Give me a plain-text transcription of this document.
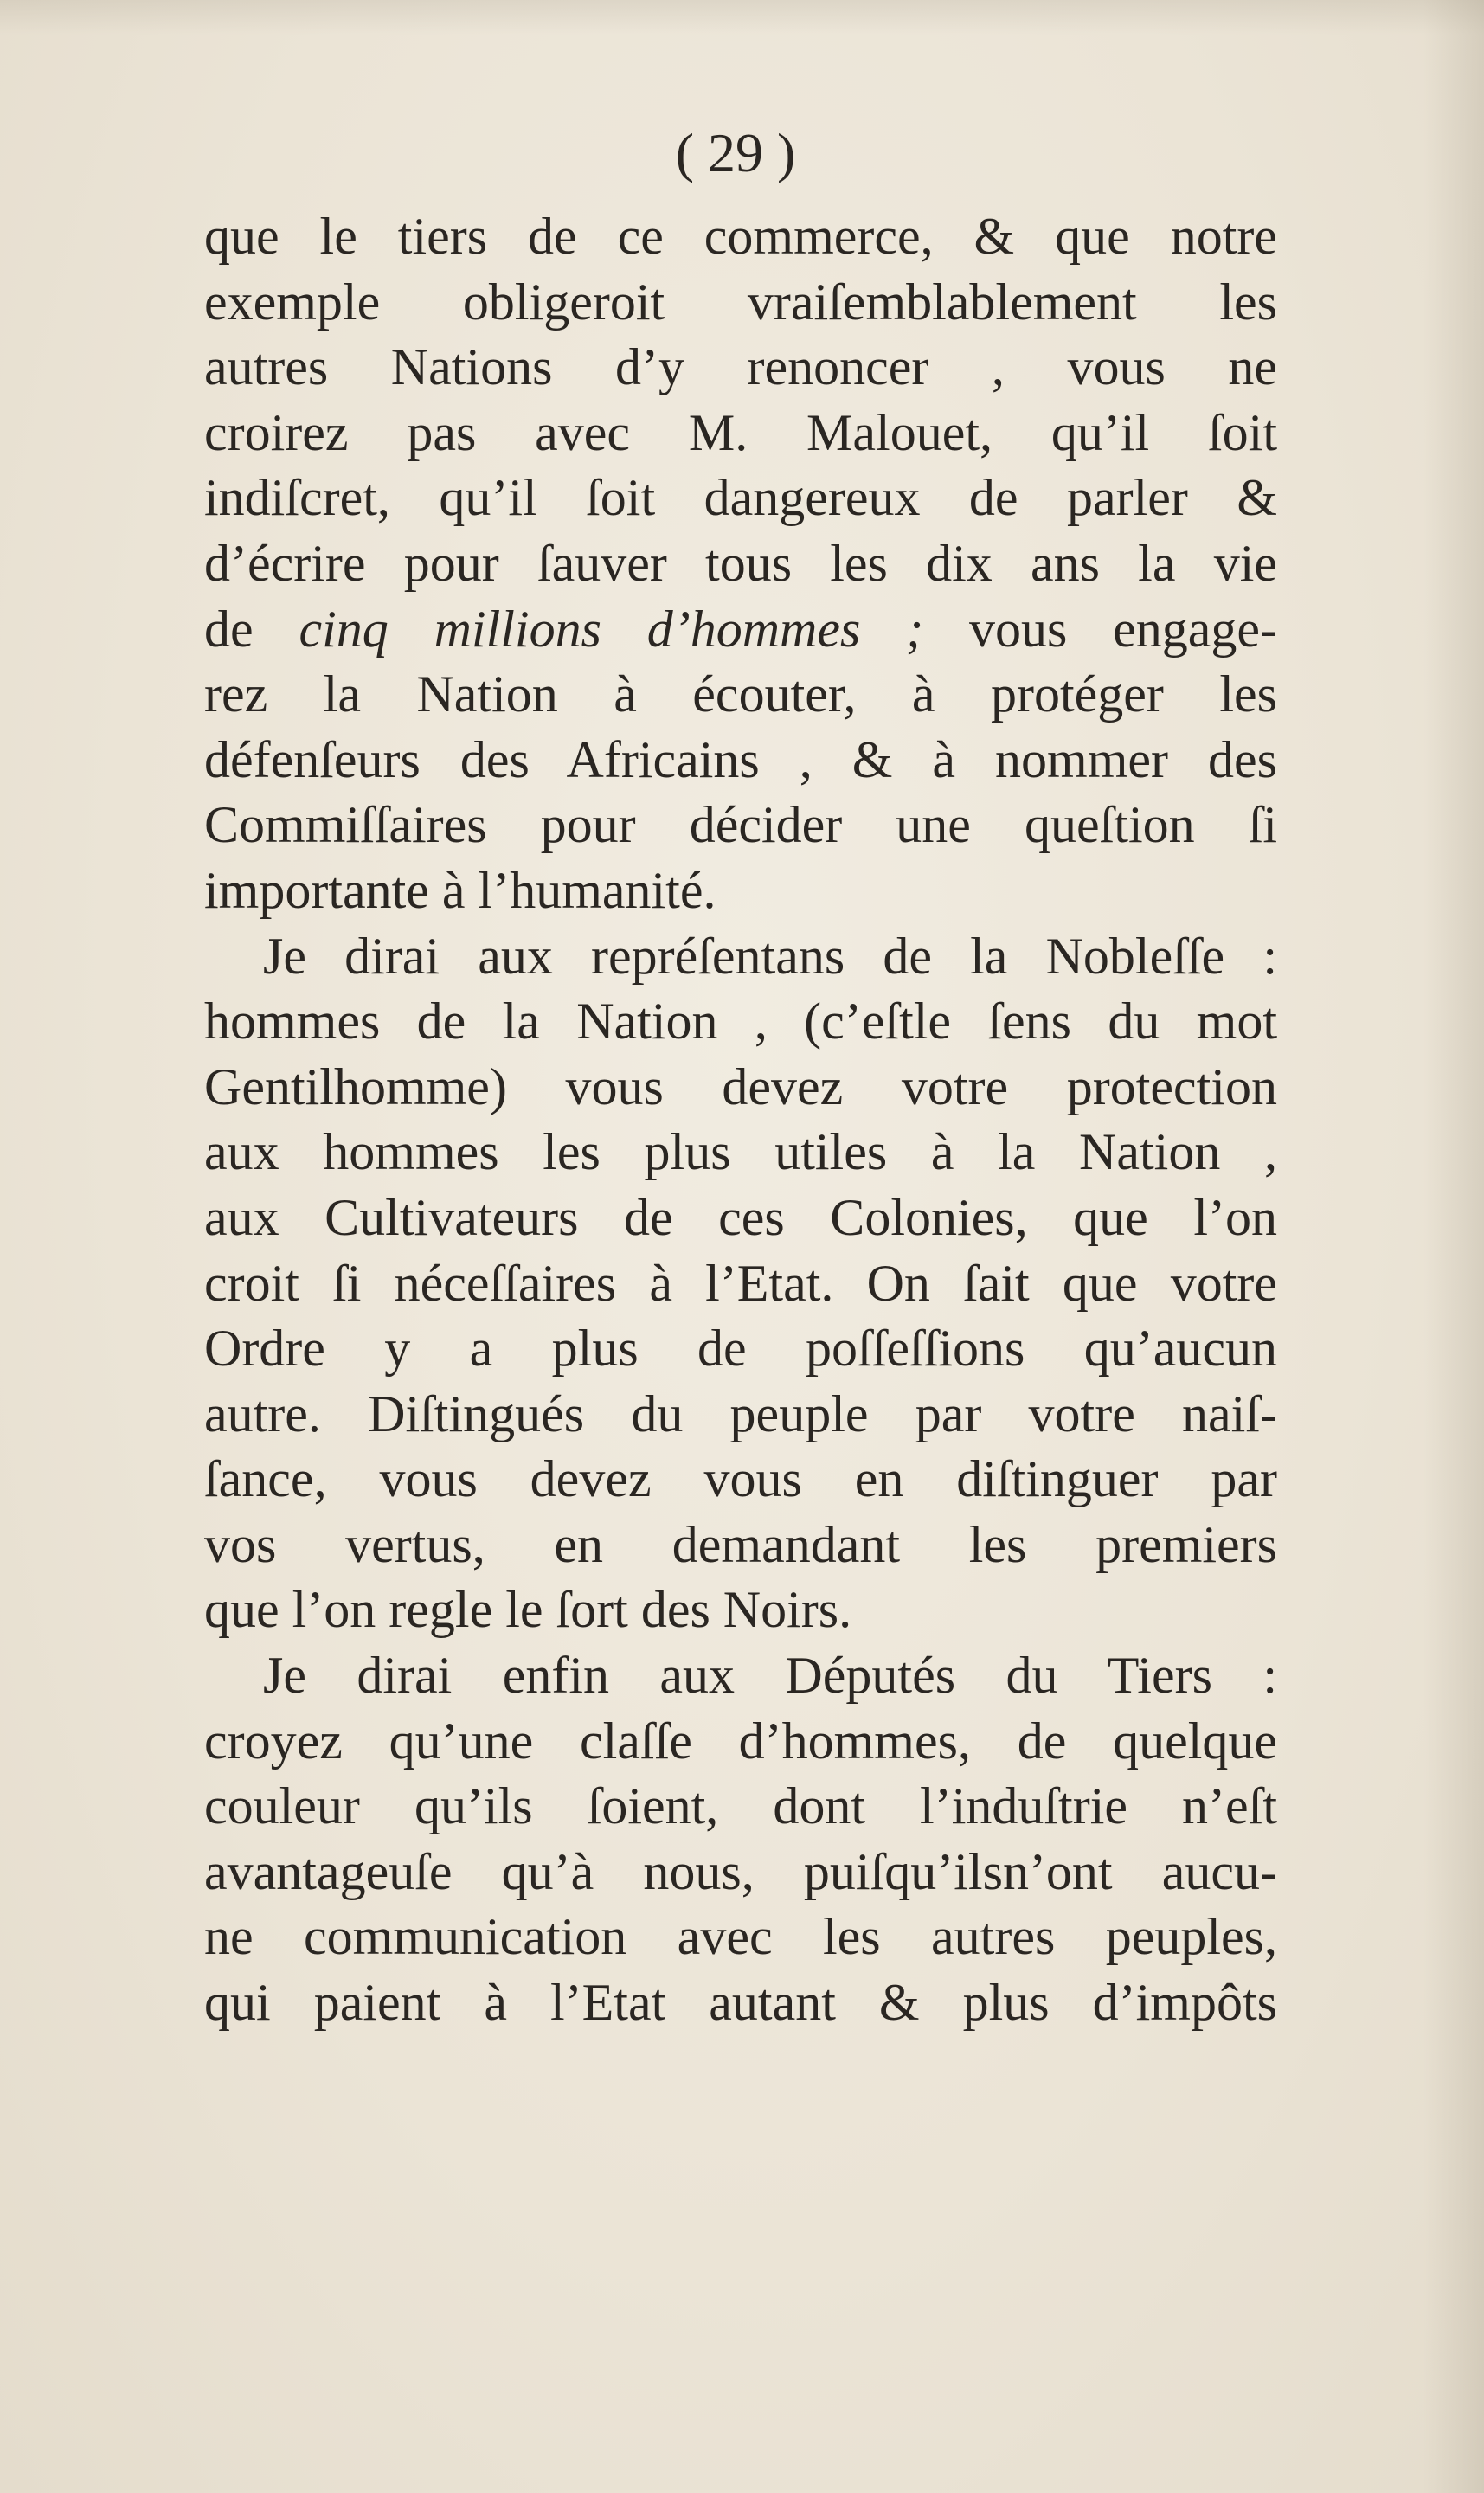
( 29 )
que le tiers de ce commerce, & que notre
exemple obligeroit vraiſemblablement les
autres Nations d’y renoncer , vous ne
croirez pas avec M. Malouet, qu’il ſoit
indiſcret, qu’il ſoit dangereux de parler &
d’écrire pour ſauver tous les dix ans la vie
de cinq millions d’hommes ; vous engage-
rez la Nation à écouter, à protéger les
défenſeurs des Africains , & à nommer des
Commiſſaires pour décider une queſtion ſi
importante à l’humanité.
Je dirai aux repréſentans de la Nobleſſe :
hommes de la Nation , (c’eſtle ſens du mot
Gentilhomme) vous devez votre protection
aux hommes les plus utiles à la Nation ,
aux Cultivateurs de ces Colonies, que l’on
croit ſi néceſſaires à l’Etat. On ſait que votre
Ordre y a plus de poſſeſſions qu’aucun
autre. Diſtingués du peuple par votre naiſ-
ſance, vous devez vous en diſtinguer par
vos vertus, en demandant les premiers
que l’on regle le ſort des Noirs.
Je dirai enfin aux Députés du Tiers :
croyez qu’une claſſe d’hommes, de quelque
couleur qu’ils ſoient, dont l’induſtrie n’eſt
avantageuſe qu’à nous, puiſqu’ilsn’ont aucu-
ne communication avec les autres peuples,
qui paient à l’Etat autant & plus d’impôts
